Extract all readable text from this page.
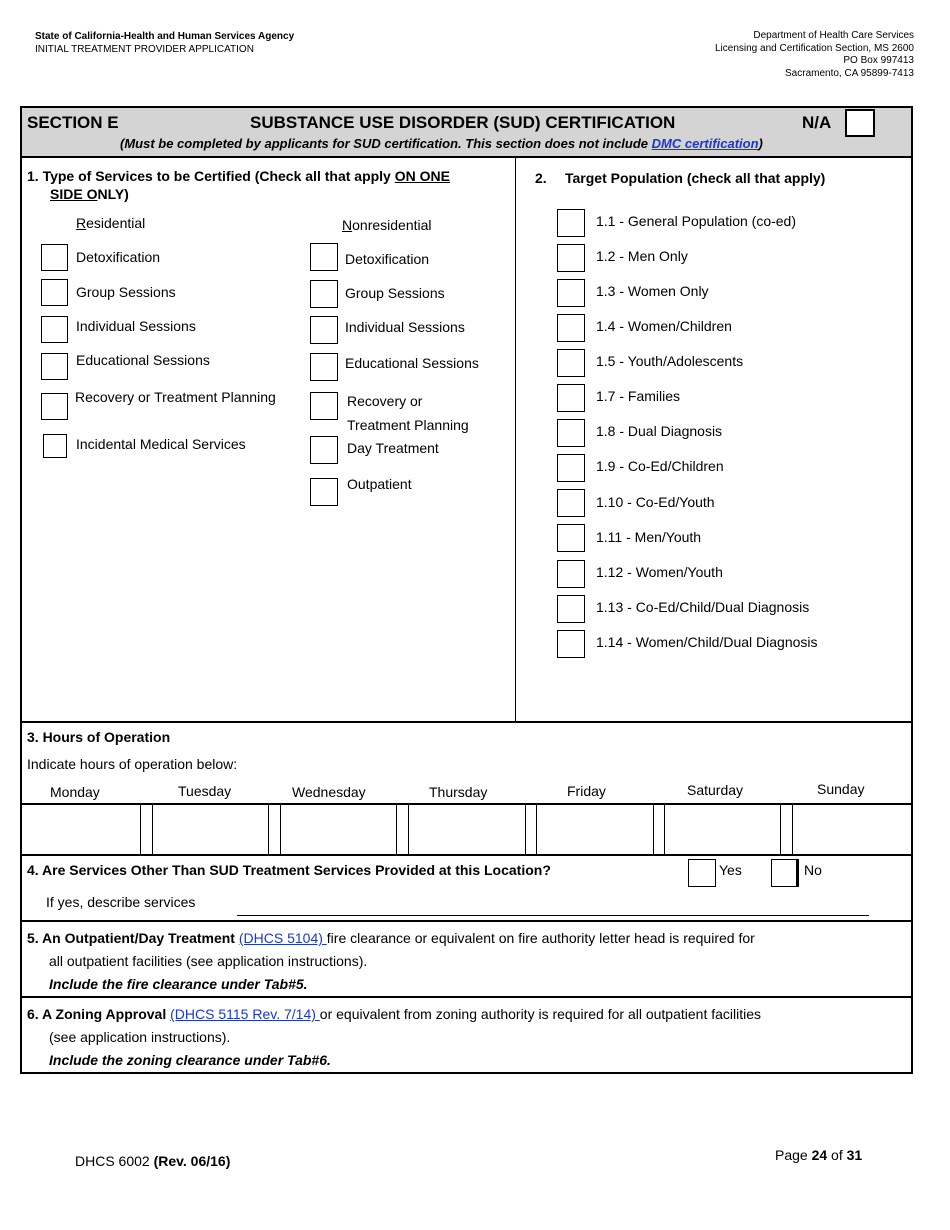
State of California-Health and Human Services Agency
INITIAL TREATMENT PROVIDER APPLICATION
Department of Health Care Services
Licensing and Certification Section, MS 2600
PO Box 997413
Sacramento, CA 95899-7413
SECTION E	SUBSTANCE USE DISORDER (SUD) CERTIFICATION	N/A
(Must be completed by applicants for SUD certification. This section does not include DMC certification)
1. Type of Services to be Certified (Check all that apply ON ONE
SIDE ONLY)
Residential	Nonresidential
Detoxification
Group Sessions
Individual Sessions
Educational Sessions
Recovery or Treatment Planning
Incidental Medical Services
Detoxification
Group Sessions
Individual Sessions
Educational Sessions
Recovery or
Treatment Planning
Day Treatment
Outpatient
2. Target Population (check all that apply)
1.1 - General Population (co-ed)
1.2 - Men Only
1.3 - Women Only
1.4 - Women/Children
1.5 - Youth/Adolescents
1.7 - Families
1.8 - Dual Diagnosis
1.9 - Co-Ed/Children
1.10 - Co-Ed/Youth
1.11 - Men/Youth
1.12 - Women/Youth
1.13 - Co-Ed/Child/Dual Diagnosis
1.14 - Women/Child/Dual Diagnosis
3. Hours of Operation
Indicate hours of operation below:
Monday	Tuesday	Wednesday	Thursday	Friday	Saturday	Sunday
4. Are Services Other Than SUD Treatment Services Provided at this Location?	Yes	No
If yes, describe services
5. An Outpatient/Day Treatment (DHCS 5104) fire clearance or equivalent on fire authority letter head is required for
all outpatient facilities (see application instructions).
Include the fire clearance under Tab#5.
6. A Zoning Approval (DHCS 5115 Rev. 7/14) or equivalent from zoning authority is required for all outpatient facilities
(see application instructions).
Include the zoning clearance under Tab#6.
DHCS 6002 (Rev. 06/16)	Page 24 of 31
